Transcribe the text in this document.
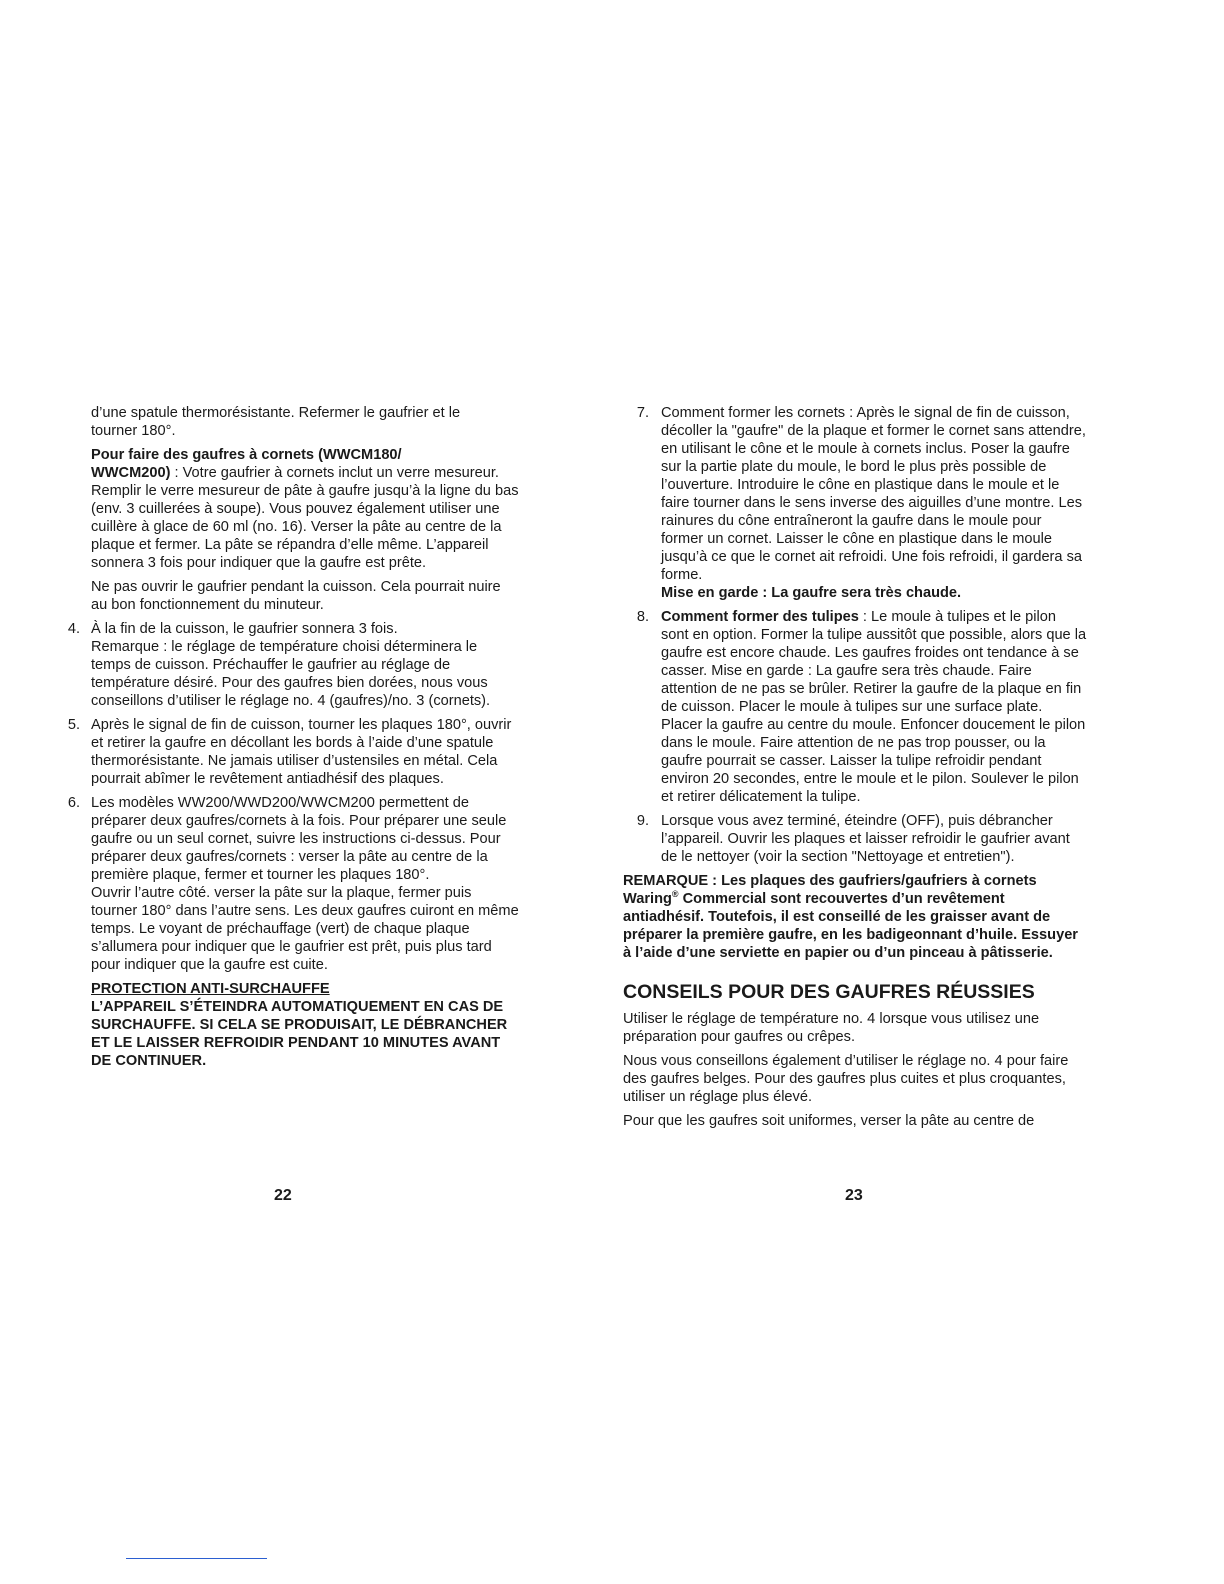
d’une spatule thermorésistante. Refermer le gaufrier et le
tourner 180°.

Pour faire des gaufres à cornets (WWCM180/
WWCM200) : Votre gaufrier à cornets inclut un verre mesureur. Remplir le verre mesureur de pâte à gaufre jusqu’à la ligne du bas (env. 3 cuillerées à soupe). Vous pouvez également utiliser une cuillère à glace de 60 ml (no. 16). Verser la pâte au centre de la plaque et fermer. La pâte se répandra d’elle même. L’appareil sonnera 3 fois pour indiquer que la gaufre est prête.

Ne pas ouvrir le gaufrier pendant la cuisson. Cela pourrait nuire au bon fonctionnement du minuteur.

4. À la fin de la cuisson, le gaufrier sonnera 3 fois.
Remarque : le réglage de température choisi déterminera le temps de cuisson. Préchauffer le gaufrier au réglage de température désiré. Pour des gaufres bien dorées, nous vous conseillons d’utiliser le réglage no. 4 (gaufres)/no. 3 (cornets).
5. Après le signal de fin de cuisson, tourner les plaques 180°, ouvrir et retirer la gaufre en décollant les bords à l’aide d’une spatule thermorésistante. Ne jamais utiliser d’ustensiles en métal. Cela pourrait abîmer le revêtement antiadhésif des plaques.
6. Les modèles WW200/WWD200/WWCM200 permettent de préparer deux gaufres/cornets à la fois. Pour préparer une seule gaufre ou un seul cornet, suivre les instructions ci-dessus. Pour préparer deux gaufres/cornets : verser la pâte au centre de la première plaque, fermer et tourner les plaques 180°.
Ouvrir l’autre côté. verser la pâte sur la plaque, fermer puis tourner 180° dans l’autre sens. Les deux gaufres cuiront en même temps. Le voyant de préchauffage (vert) de chaque plaque s’allumera pour indiquer que le gaufrier est prêt, puis plus tard pour indiquer que la gaufre est cuite.

PROTECTION ANTI-SURCHAUFFE
L’APPAREIL S’ÉTEINDRA AUTOMATIQUEMENT EN CAS DE SURCHAUFFE. SI CELA SE PRODUISAIT, LE DÉBRANCHER ET LE LAISSER REFROIDIR PENDANT 10 MINUTES AVANT DE CONTINUER.

7. Comment former les cornets : Après le signal de fin de cuisson, décoller la "gaufre" de la plaque et former le cornet sans attendre, en utilisant le cône et le moule à cornets inclus. Poser la gaufre sur la partie plate du moule, le bord le plus près possible de l’ouverture. Introduire le cône en plastique dans le moule et le faire tourner dans le sens inverse des aiguilles d’une montre. Les rainures du cône entraîneront la gaufre dans le moule pour former un cornet. Laisser le cône en plastique dans le moule jusqu’à ce que le cornet ait refroidi. Une fois refroidi, il gardera sa forme.
Mise en garde : La gaufre sera très chaude.
8. Comment former des tulipes : Le moule à tulipes et le pilon sont en option. Former la tulipe aussitôt que possible, alors que la gaufre est encore chaude. Les gaufres froides ont tendance à se casser. Mise en garde : La gaufre sera très chaude. Faire attention de ne pas se brûler. Retirer la gaufre de la plaque en fin de cuisson. Placer le moule à tulipes sur une surface plate. Placer la gaufre au centre du moule. Enfoncer doucement le pilon dans le moule. Faire attention de ne pas trop pousser, ou la gaufre pourrait se casser. Laisser la tulipe refroidir pendant environ 20 secondes, entre le moule et le pilon. Soulever le pilon et retirer délicatement la tulipe.
9. Lorsque vous avez terminé, éteindre (OFF), puis débrancher l’appareil. Ouvrir les plaques et laisser refroidir le gaufrier avant de le nettoyer (voir la section "Nettoyage et entretien").

REMARQUE : Les plaques des gaufriers/gaufriers à cornets Waring® Commercial sont recouvertes d’un revêtement antiadhésif. Toutefois, il est conseillé de les graisser avant de préparer la première gaufre, en les badigeonnant d’huile. Essuyer à l’aide d’une serviette en papier ou d’un pinceau à pâtisserie.

CONSEILS POUR DES GAUFRES RÉUSSIES

Utiliser le réglage de température no. 4 lorsque vous utilisez une préparation pour gaufres ou crêpes.

Nous vous conseillons également d’utiliser le réglage no. 4 pour faire des gaufres belges. Pour des gaufres plus cuites et plus croquantes, utiliser un réglage plus élevé.

Pour que les gaufres soit uniformes, verser la pâte au centre de

22	23
